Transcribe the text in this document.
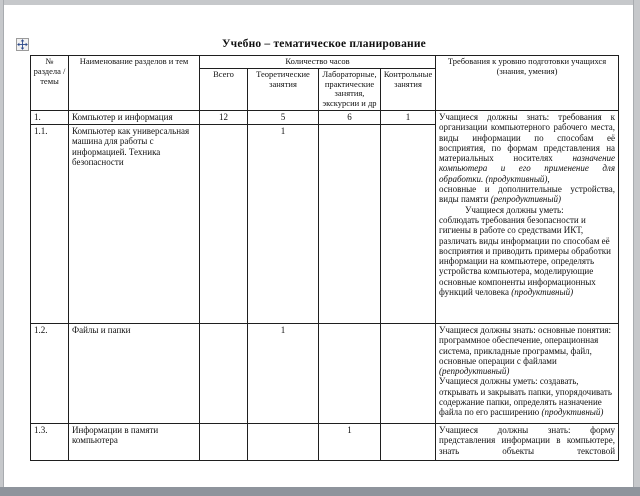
Учебно – тематическое планирование
№ раздела /темы	Наименование разделов и тем	Количество часов				Требования к уровню подготовки учащихся (знания, умения)
		Всего	Теоретические занятия	Лабораторные, практические занятия, экскурсии и др	Контрольные занятия	
1.	Компьютер и информация	12	5	6	1	Учащиеся должны знать: требования к организации компьютерного рабочего места, виды информации по способам её восприятия, по формам представления на материальных носителях назначение компьютера и его применение для обработки. (продуктивный),
основные и дополнительные устройства, виды памяти (репродуктивный)
Учащиеся должны уметь:
соблюдать требования безопасности и гигиены в работе со средствами ИКТ, различать виды информации по способам её восприятия и приводить примеры обработки информации на компьютере, определять устройства компьютера, моделирующие основные компоненты информационных функций человека (продуктивный)

1.1.	Компьютер как универсальная машина для работы с информацией. Техника безопасности		1			
1.2.	Файлы и папки		1			Учащиеся должны знать: основные понятия: программное обеспечение, операционная система, прикладные программы, файл, основные операции с файлами (репродуктивный)
Учащиеся должны уметь: создавать, открывать и закрывать папки, упорядочивать содержание папки, определять назначение файла по его расширению (продуктивный)

1.3.	Информации в памяти компьютера			1		Учащиеся должны знать: форму представления информации в компьютере, знать объекты текстовой
